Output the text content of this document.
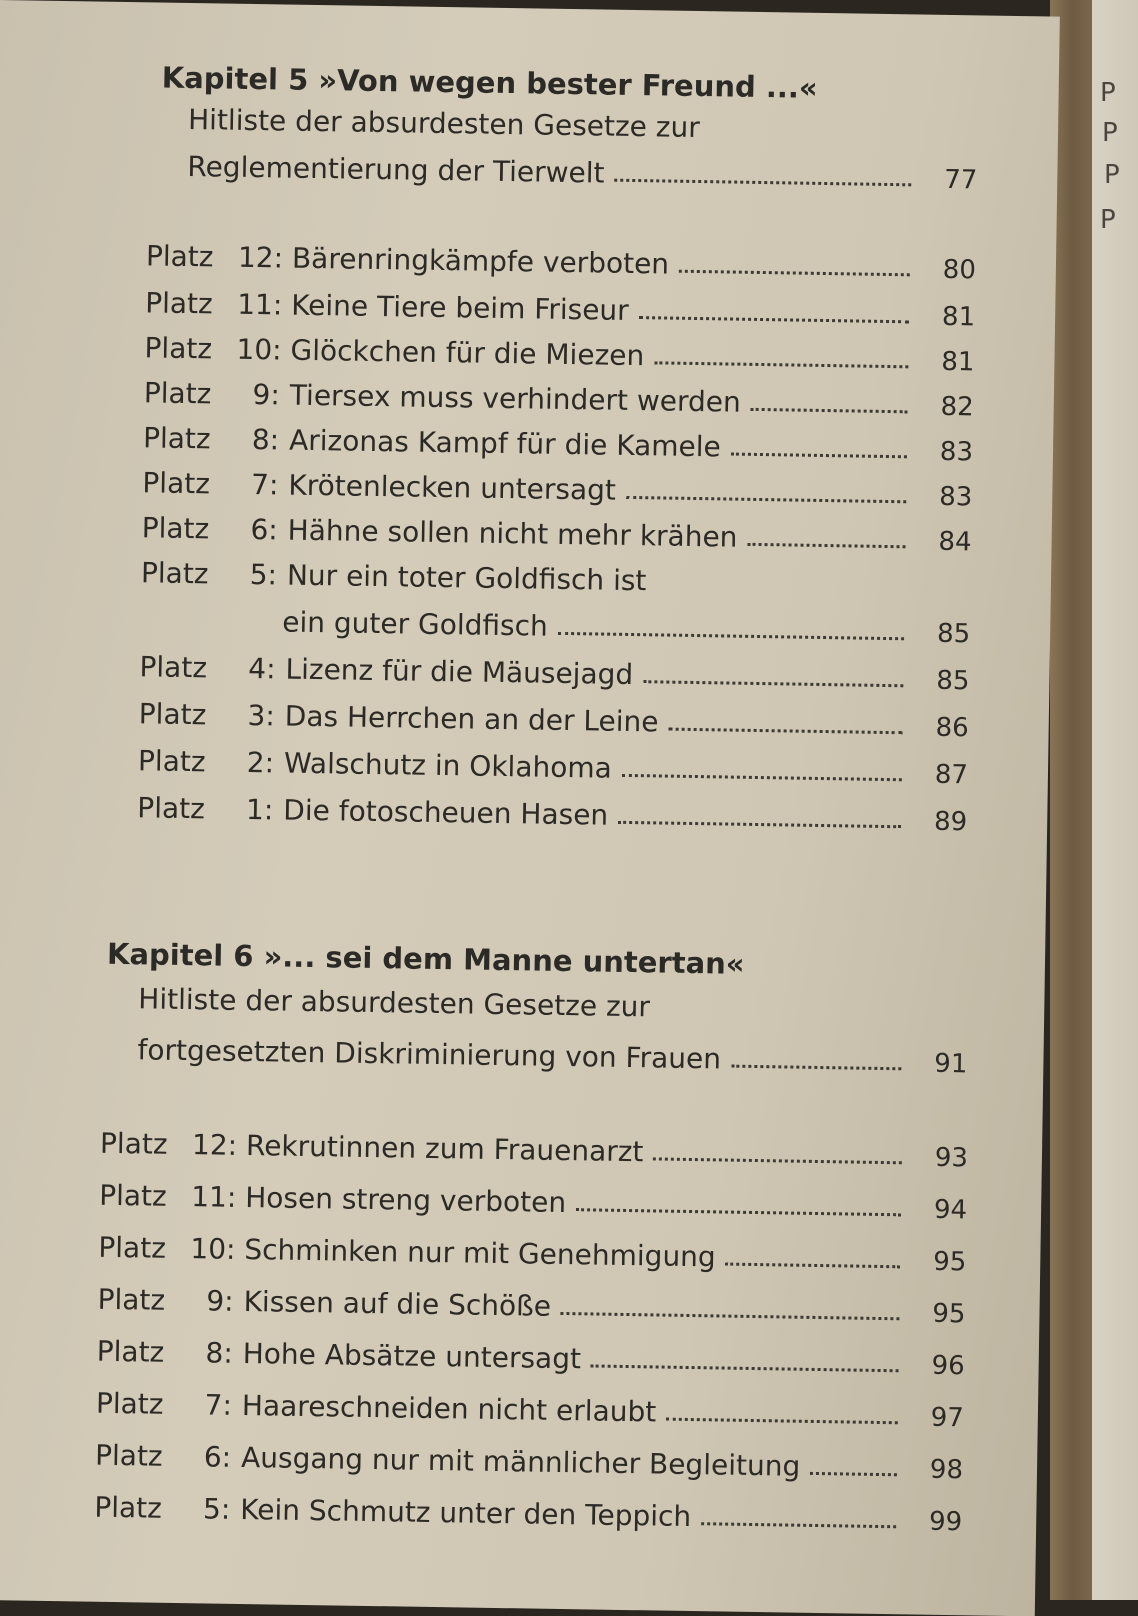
P
P
P
P
Kapitel 5 »Von wegen bester Freund ...«
Hitliste der absurdesten Gesetze zur
Reglementierung der Tierwelt	77
Platz 12: Bärenringkämpfe verboten	80
Platz 11: Keine Tiere beim Friseur	81
Platz 10: Glöckchen für die Miezen	81
Platz	9: Tiersex muss verhindert werden	82
Platz	8: Arizonas Kampf für die Kamele	83
Platz	7: Krötenlecken untersagt	83
Platz	6: Hähne sollen nicht mehr krähen	84
Platz	5: Nur ein toter Goldfisch ist
ein guter Goldfisch	85
Platz	4: Lizenz für die Mäusejagd	85
Platz	3: Das Herrchen an der Leine	86
Platz	2: Walschutz in Oklahoma	87
Platz	1: Die fotoscheuen Hasen	89
Kapitel 6 »... sei dem Manne untertan«
Hitliste der absurdesten Gesetze zur
fortgesetzten Diskriminierung von Frauen	91
Platz 12: Rekrutinnen zum Frauenarzt	93
Platz 11: Hosen streng verboten	94
Platz 10: Schminken nur mit Genehmigung	95
Platz	9: Kissen auf die Schöße	95
Platz	8: Hohe Absätze untersagt	96
Platz	7: Haareschneiden nicht erlaubt	97
Platz	6: Ausgang nur mit männlicher Begleitung	98
Platz	5: Kein Schmutz unter den Teppich	99
